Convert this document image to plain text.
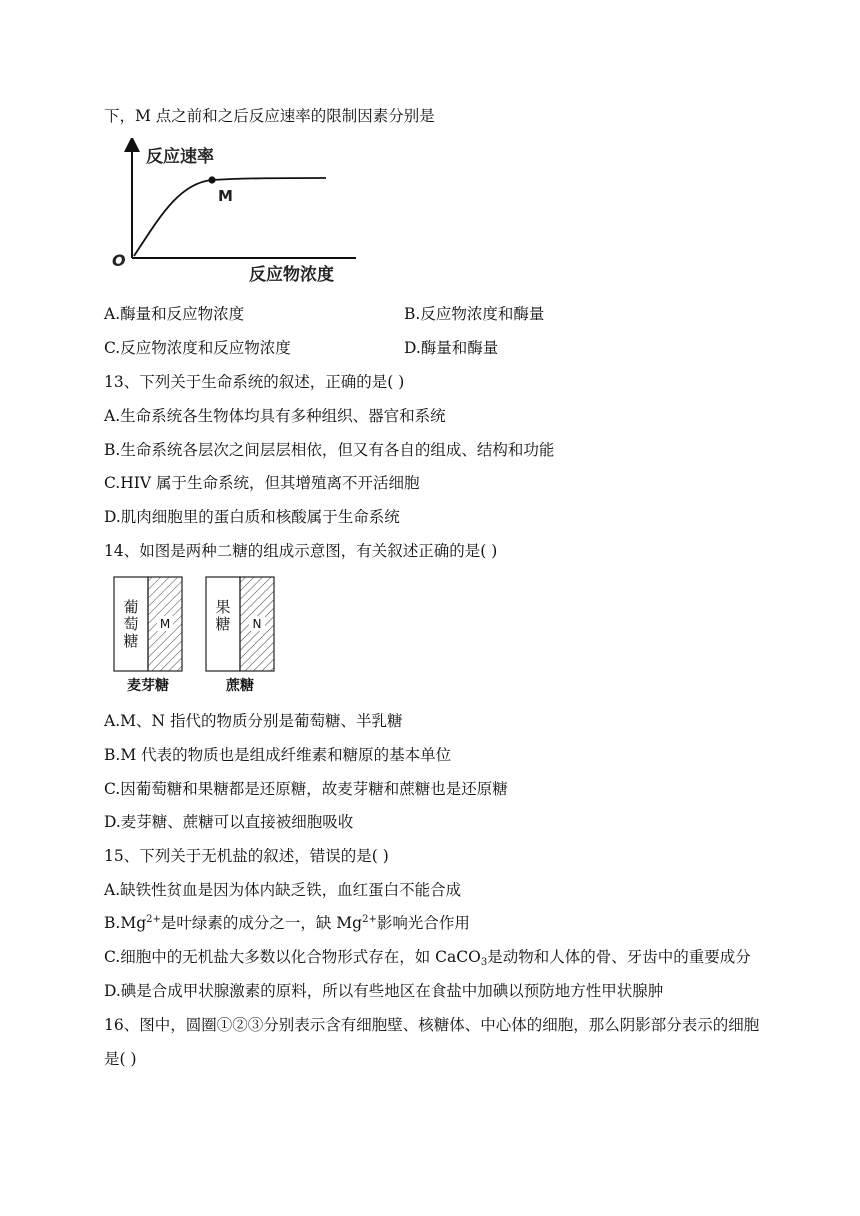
下，M 点之前和之后反应速率的限制因素分别是
反应速率
M
O
反应物浓度
A.酶量和反应物浓度	B.反应物浓度和酶量
C.反应物浓度和反应物浓度	D.酶量和酶量
13、下列关于生命系统的叙述，正确的是( )
A.生命系统各生物体均具有多种组织、器官和系统
B.生命系统各层次之间层层相依，但又有各自的组成、结构和功能
C.HIV 属于生命系统，但其增殖离不开活细胞
D.肌肉细胞里的蛋白质和核酸属于生命系统
14、如图是两种二糖的组成示意图，有关叙述正确的是( )
葡
萄
糖
M
麦芽糖
果
糖 N
蔗糖
A.M、N 指代的物质分别是葡萄糖、半乳糖
B.M 代表的物质也是组成纤维素和糖原的基本单位
C.因葡萄糖和果糖都是还原糖，故麦芽糖和蔗糖也是还原糖
D.麦芽糖、蔗糖可以直接被细胞吸收
15、下列关于无机盐的叙述，错误的是( )
A.缺铁性贫血是因为体内缺乏铁，血红蛋白不能合成
$B.Mg^{2+}$是叶绿素的成分之一，缺 $Mg^{2+}$影响光合作用
C.细胞中的无机盐大多数以化合物形式存在，如 CaCO$_3$是动物和人体的骨、牙齿中的重要成分
D.碘是合成甲状腺激素的原料，所以有些地区在食盐中加碘以预防地方性甲状腺肿
16、图中，圆圈①②③分别表示含有细胞壁、核糖体、中心体的细胞，那么阴影部分表示的细胞
是( )
